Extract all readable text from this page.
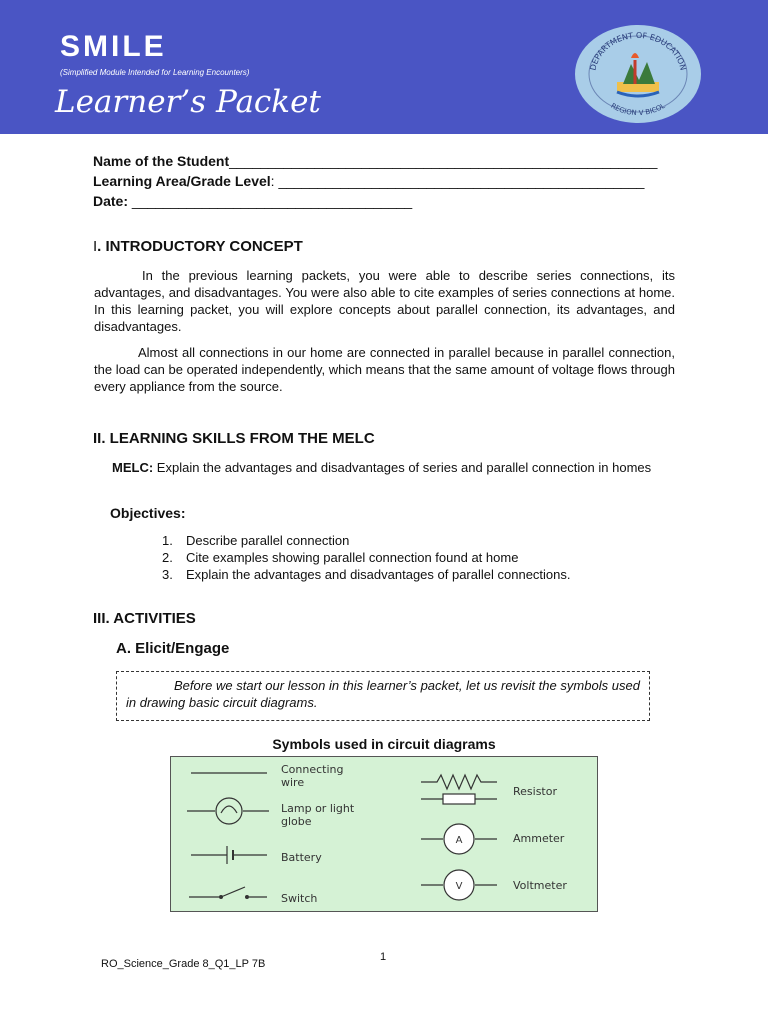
SMILE
(Simplified Module Intended for Learning Encounters)
Learner’s Packet
DEPARTMENT OF EDUCATION
REGION V BICOL
Name of the Student_______________________________________________________
Learning Area/Grade Level: _______________________________________________
Date: ____________________________________
I. INTRODUCTORY CONCEPT
In the previous learning packets, you were able to describe series connections, its advantages, and disadvantages. You were also able to cite examples of series connections at home. In this learning packet, you will explore concepts about parallel connection, its advantages, and disadvantages.
Almost all connections in our home are connected in parallel because in parallel connection, the load can be operated independently, which means that the same amount of voltage flows through every appliance from the source.
II. LEARNING SKILLS FROM THE MELC
MELC: Explain the advantages and disadvantages of series and parallel connection in homes
Objectives:
1. Describe parallel connection
2. Cite examples showing parallel connection found at home
3. Explain the advantages and disadvantages of parallel connections.
III. ACTIVITIES
A. Elicit/Engage
Before we start our lesson in this learner’s packet, let us revisit the symbols used in drawing basic circuit diagrams.
Symbols used in circuit diagrams
A
V
Connecting wire
Lamp or light globe
Battery
Switch
Resistor
Ammeter
Voltmeter
1
RO_Science_Grade 8_Q1_LP 7B
